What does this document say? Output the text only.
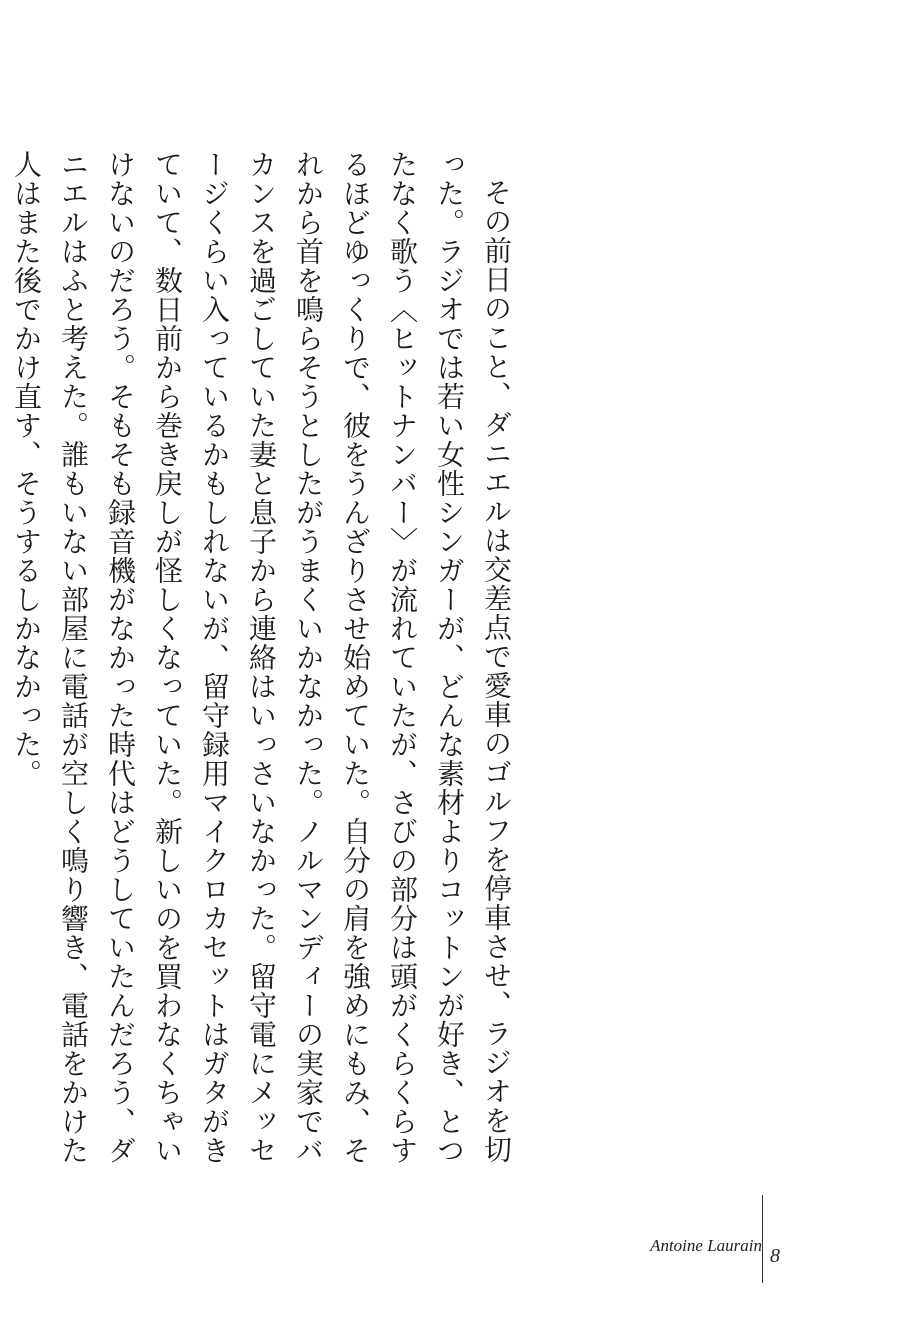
その前日のこと、ダニエルは交差点で愛車のゴルフを停車させ、ラジオを切った。ラジオでは若い女性シンガーが、どんな素材よりコットンが好き、とつたなく歌う〈ヒットナンバー〉が流れていたが、さびの部分は頭がくらくらするほどゆっくりで、彼をうんざりさせ始めていた。自分の肩を強めにもみ、それから首を鳴らそうとしたがうまくいかなかった。ノルマンディーの実家でバカンスを過ごしていた妻と息子から連絡はいっさいなかった。留守電にメッセージくらい入っているかもしれないが、留守録用マイクロカセットはガタがきていて、数日前から巻き戻しが怪しくなっていた。新しいのを買わなくちゃいけないのだろう。そもそも録音機がなかった時代はどうしていたんだろう、ダニエルはふと考えた。誰もいない部屋に電話が空しく鳴り響き、電話をかけた人はまた後でかけ直す、そうするしかなかった。

Antoine Laurain 8
